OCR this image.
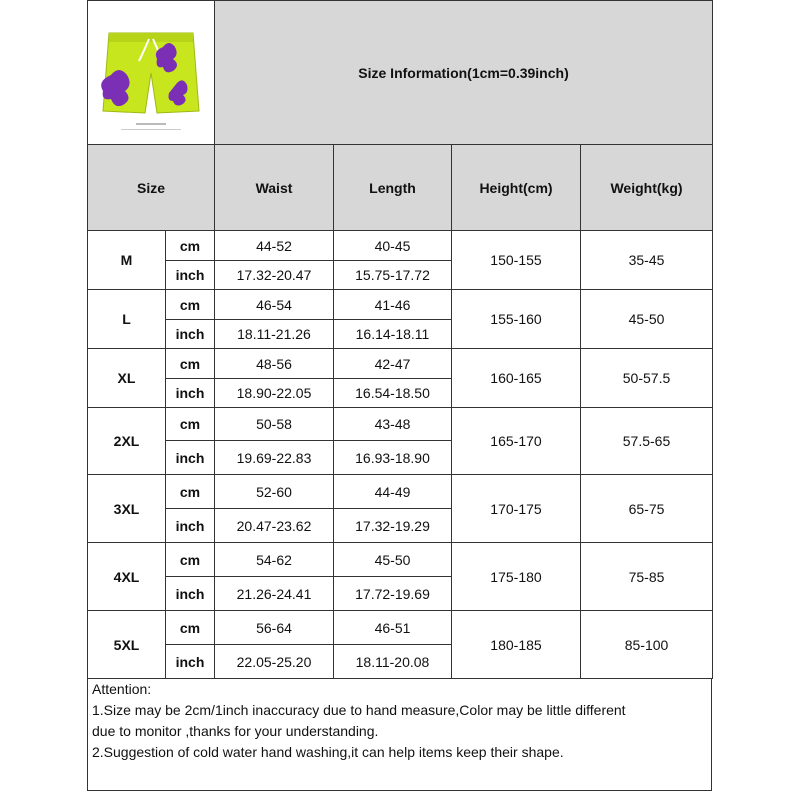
	Size Information(1cm=0.39inch)			
Size		Waist	Length	Height(cm)	Weight(kg)
M	cm	44-52	40-45	150-155	35-45
	inch	17.32-20.47	15.75-17.72		
L	cm	46-54	41-46	155-160	45-50
	inch	18.11-21.26	16.14-18.11		
XL	cm	48-56	42-47	160-165	50-57.5
	inch	18.90-22.05	16.54-18.50		
2XL	cm	50-58	43-48	165-170	57.5-65
	inch	19.69-22.83	16.93-18.90		
3XL	cm	52-60	44-49	170-175	65-75
	inch	20.47-23.62	17.32-19.29		
4XL	cm	54-62	45-50	175-180	75-85
	inch	21.26-24.41	17.72-19.69		
5XL	cm	56-64	46-51	180-185	85-100
	inch	22.05-25.20	18.11-20.08		
Attention:
1.Size may be 2cm/1inch inaccuracy due to hand measure,Color may be little different
due to monitor ,thanks for your understanding.
2.Suggestion of cold water hand washing,it can help items keep their shape.
